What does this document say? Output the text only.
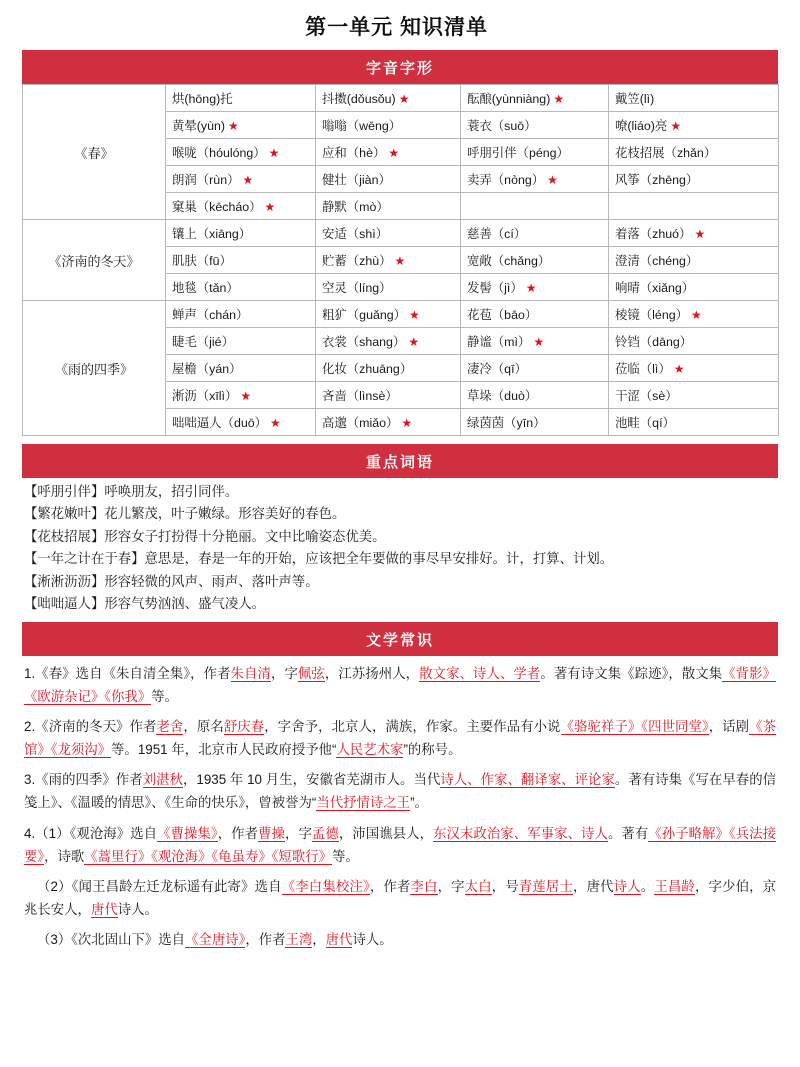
第一单元 知识清单
字音字形
《春》	烘(hōng)托	抖擞(dǒusǒu) ★	酝酿(yùnniàng) ★	戴笠(lì)
	黄晕(yùn) ★	嗡嗡（wēng）	蓑衣（suō）	嘹(liáo)亮 ★
	喉咙（hóulóng） ★	应和（hè） ★	呼朋引伴（péng）	花枝招展（zhǎn）
	朗润（rùn） ★	健壮（jiàn）	卖弄（nòng） ★	风筝（zhēng）
	窠巢（kēcháo） ★	静默（mò）		
《济南的冬天》	镶上（xiāng）	安适（shì）	慈善（cí）	着落（zhuó） ★
	肌肤（fū）	贮蓄（zhù） ★	宽敞（chǎng）	澄清（chéng）
	地毯（tǎn）	空灵（líng）	发髻（jì） ★	响晴（xiǎng）
《雨的四季》	蝉声（chán）	粗犷（guǎng） ★	花苞（bāo）	棱镜（léng） ★
	睫毛（jié）	衣裳（shang） ★	静谧（mì） ★	铃铛（dāng）
	屋檐（yán）	化妆（zhuāng）	凄冷（qī）	莅临（lì） ★
	淅沥（xīlì） ★	吝啬（lìnsè）	草垛（duò）	干涩（sè）
	咄咄逼人（duō） ★	高邈（miǎo） ★	绿茵茵（yīn）	池畦（qí）
重点词语
【呼朋引伴】呼唤朋友，招引同伴。
【繁花嫩叶】花儿繁茂，叶子嫩绿。形容美好的春色。
【花枝招展】形容女子打扮得十分艳丽。文中比喻姿态优美。
【一年之计在于春】意思是，春是一年的开始，应该把全年要做的事尽早安排好。计，打算、计划。
【淅淅沥沥】形容轻微的风声、雨声、落叶声等。
【咄咄逼人】形容气势汹汹、盛气凌人。
文学常识
1.《春》选自《朱自清全集》，作者朱自清，字佩弦，江苏扬州人，散文家、诗人、学者。著有诗文集《踪迹》，散文集《背影》《欧游杂记》《你我》等。
2.《济南的冬天》作者老舍，原名舒庆春，字舍予，北京人，满族，作家。主要作品有小说《骆驼祥子》《四世同堂》，话剧《茶馆》《龙须沟》等。1951 年，北京市人民政府授予他“人民艺术家”的称号。
3.《雨的四季》作者刘湛秋，1935 年 10 月生，安徽省芜湖市人。当代诗人、作家、翻译家、评论家。著有诗集《写在早春的信笺上》、《温暖的情思》、《生命的快乐》，曾被誉为“当代抒情诗之王”。
4.（1）《观沧海》选自《曹操集》，作者曹操，字孟德，沛国谯县人，东汉末政治家、军事家、诗人。著有《孙子略解》《兵法接要》，诗歌《蒿里行》《观沧海》《龟虽寿》《短歌行》等。
（2）《闻王昌龄左迁龙标遥有此寄》选自《李白集校注》，作者李白，字太白，号青莲居士，唐代诗人。王昌龄，字少伯，京兆长安人，唐代诗人。
（3）《次北固山下》选自《全唐诗》，作者王湾，唐代诗人。
